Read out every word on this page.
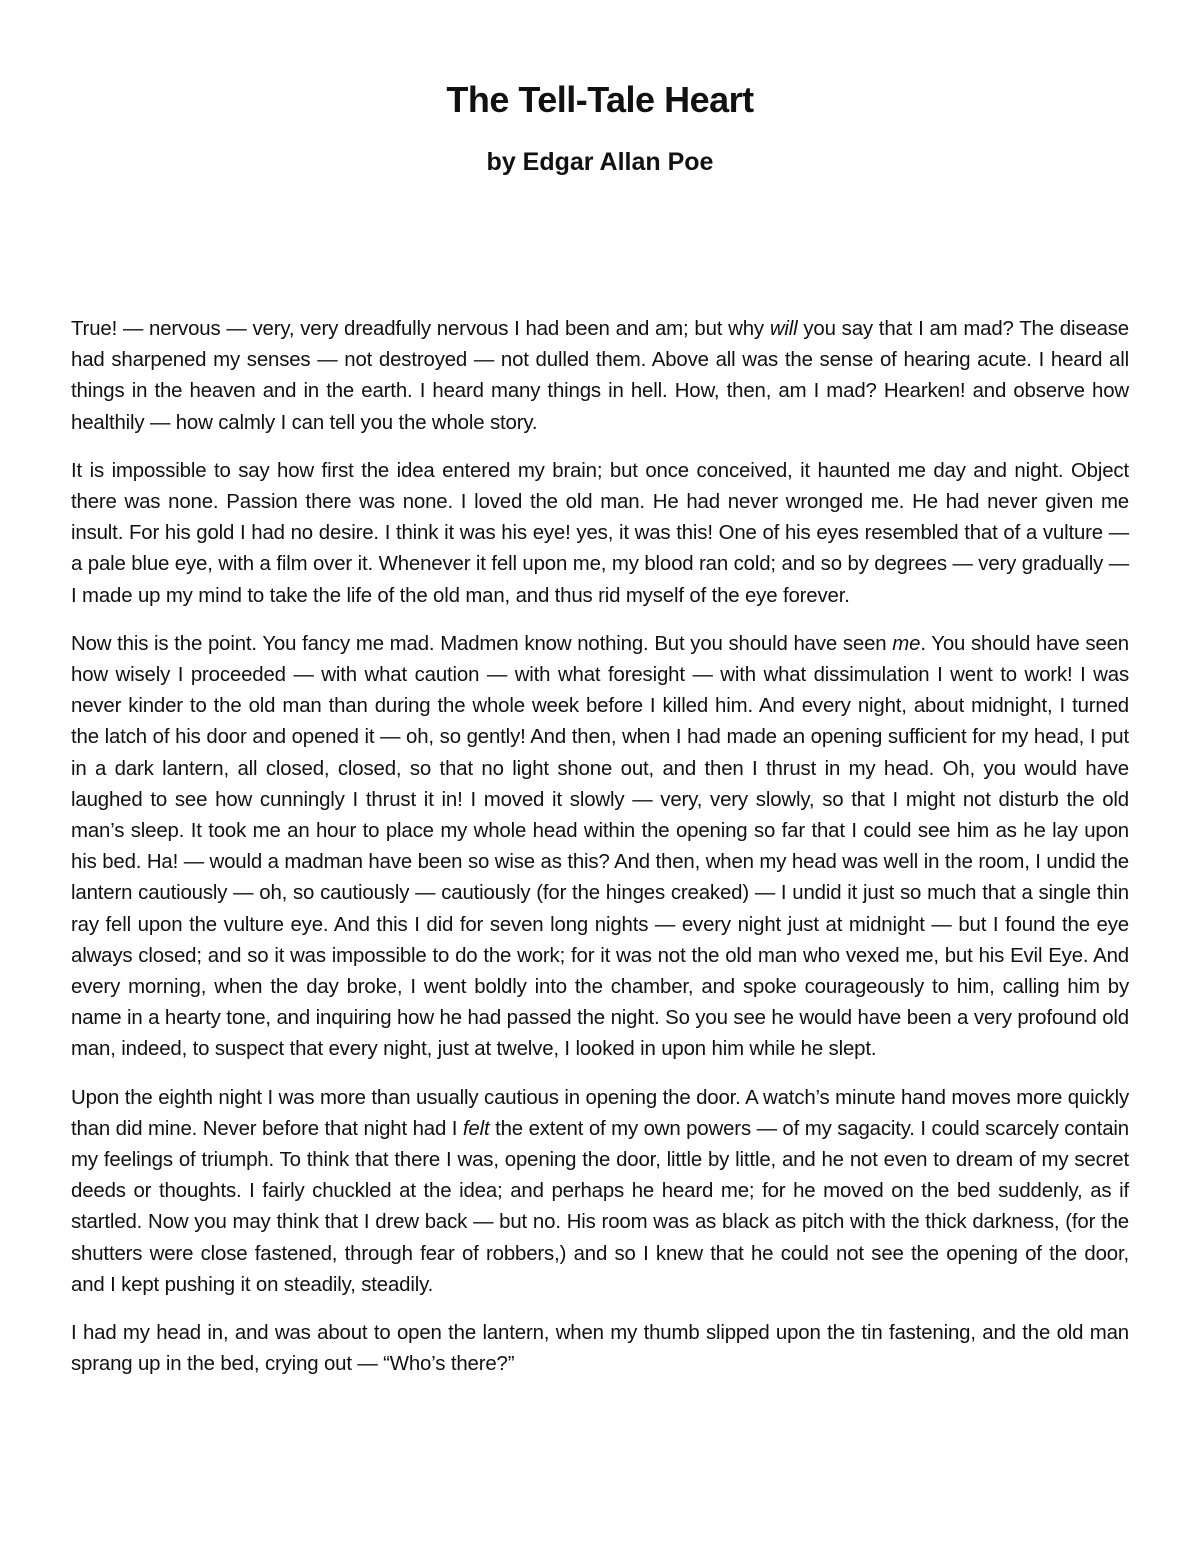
The Tell-Tale Heart
by Edgar Allan Poe

True! — nervous — very, very dreadfully nervous I had been and am; but why will you say that I am mad? The disease had sharpened my senses — not destroyed — not dulled them. Above all was the sense of hearing acute. I heard all things in the heaven and in the earth. I heard many things in hell. How, then, am I mad? Hearken! and observe how healthily — how calmly I can tell you the whole story.

It is impossible to say how first the idea entered my brain; but once conceived, it haunted me day and night. Object there was none. Passion there was none. I loved the old man. He had never wronged me. He had never given me insult. For his gold I had no desire. I think it was his eye! yes, it was this! One of his eyes resembled that of a vulture — a pale blue eye, with a film over it. Whenever it fell upon me, my blood ran cold; and so by degrees — very gradually — I made up my mind to take the life of the old man, and thus rid myself of the eye forever.

Now this is the point. You fancy me mad. Madmen know nothing. But you should have seen me. You should have seen how wisely I proceeded — with what caution — with what foresight — with what dissimulation I went to work! I was never kinder to the old man than during the whole week before I killed him. And every night, about midnight, I turned the latch of his door and opened it — oh, so gently! And then, when I had made an opening sufficient for my head, I put in a dark lantern, all closed, closed, so that no light shone out, and then I thrust in my head. Oh, you would have laughed to see how cunningly I thrust it in! I moved it slowly — very, very slowly, so that I might not disturb the old man’s sleep. It took me an hour to place my whole head within the opening so far that I could see him as he lay upon his bed. Ha! — would a madman have been so wise as this? And then, when my head was well in the room, I undid the lantern cautiously — oh, so cautiously — cautiously (for the hinges creaked) — I undid it just so much that a single thin ray fell upon the vulture eye. And this I did for seven long nights — every night just at midnight — but I found the eye always closed; and so it was impossible to do the work; for it was not the old man who vexed me, but his Evil Eye. And every morning, when the day broke, I went boldly into the chamber, and spoke courageously to him, calling him by name in a hearty tone, and inquiring how he had passed the night. So you see he would have been a very profound old man, indeed, to suspect that every night, just at twelve, I looked in upon him while he slept.

Upon the eighth night I was more than usually cautious in opening the door. A watch’s minute hand moves more quickly than did mine. Never before that night had I felt the extent of my own powers — of my sagacity. I could scarcely contain my feelings of triumph. To think that there I was, opening the door, little by little, and he not even to dream of my secret deeds or thoughts. I fairly chuckled at the idea; and perhaps he heard me; for he moved on the bed suddenly, as if startled. Now you may think that I drew back — but no. His room was as black as pitch with the thick darkness, (for the shutters were close fastened, through fear of robbers,) and so I knew that he could not see the opening of the door, and I kept pushing it on steadily, steadily.

I had my head in, and was about to open the lantern, when my thumb slipped upon the tin fastening, and the old man sprang up in the bed, crying out — “Who’s there?”
